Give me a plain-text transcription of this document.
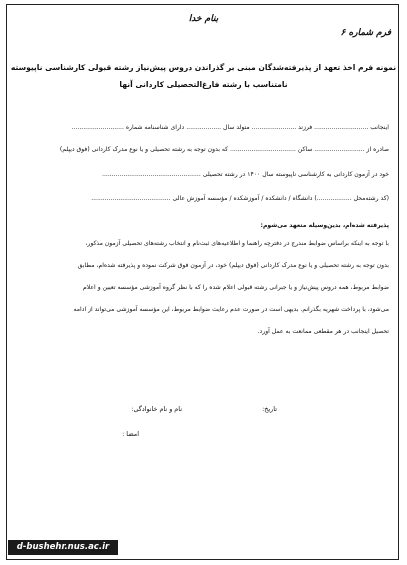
بنام خدا
فرم شماره ۶
نمونه فرم اخذ تعهد از پذیرفته‌شدگان مبنی بر گذراندن دروس پیش‌نیاز رشته قبولی کارشناسی ناپیوسته
نامتناسب با رشته فارغ‌التحصیلی کاردانی آنها
اینجانب ............................ فرزند ....................... متولد سال .................. دارای شناسنامه شماره ...........................
صادره از .......................... ساکن .................................. که بدون توجه به رشته تحصیلی و یا نوع مدرک کاردانی (فوق دیپلم)
خود در آزمون کاردانی به کارشناسی ناپیوسته سال ۱۴۰۰ در رشته تحصیلی ...................................................
(کد رشته‌محل ..................) دانشگاه / دانشکده / آموزشکده / مؤسسه آموزش عالی .........................................
پذیرفته شده‌ام، بدین‌وسیله متعهد می‌شوم:
با توجه به اینکه براساس ضوابط مندرج در دفترچه راهنما و اطلاعیه‌های ثبت‌نام و انتخاب رشته‌های تحصیلی آزمون مذکور،
بدون توجه به رشته تحصیلی و یا نوع مدرک کاردانی (فوق دیپلم) خود، در آزمون فوق شرکت نموده و پذیرفته شده‌ام، مطابق
ضوابط مربوط، همه دروس پیش‌نیاز و یا جبرانی رشته قبولی اعلام شده را که با نظر گروه آموزشی مؤسسه تعیین و اعلام
می‌شود، با پرداخت شهریه بگذرانم. بدیهی است در صورت عدم رعایت ضوابط مربوط، این مؤسسه آموزشی می‌تواند از ادامه
تحصیل اینجانب در هر مقطعی ممانعت به عمل آورد.
نام و نام خانوادگی:	تاریخ:
امضا :
d-bushehr.nus.ac.ir
